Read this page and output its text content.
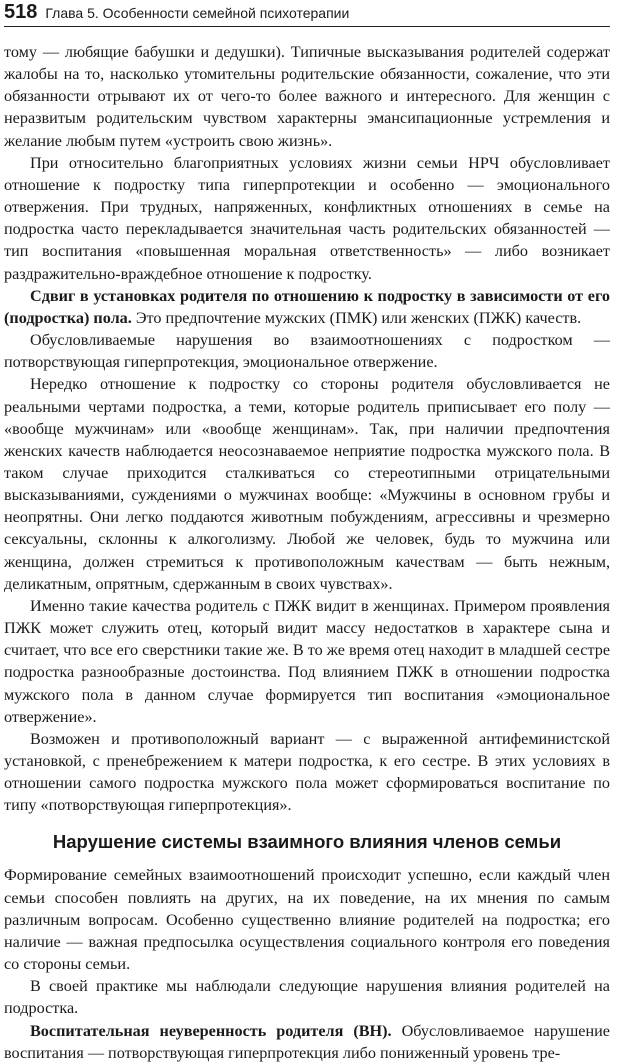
518 Глава 5. Особенности семейной психотерапии

тому — любящие бабушки и дедушки). Типичные высказывания родителей содержат жалобы на то, насколько утомительны родительские обязанности, сожаление, что эти обязанности отрывают их от чего-то более важного и интересного. Для женщин с неразвитым родительским чувством характерны эмансипационные устремления и желание любым путем «устроить свою жизнь».

При относительно благоприятных условиях жизни семьи НРЧ обусловливает отношение к подростку типа гиперпротекции и особенно — эмоционального отвержения. При трудных, напряженных, конфликтных отношениях в семье на подростка часто перекладывается значительная часть родительских обязанностей — тип воспитания «повышенная моральная ответственность» — либо возникает раздражительно-враждебное отношение к подростку.

Сдвиг в установках родителя по отношению к подростку в зависимости от его (подростка) пола. Это предпочтение мужских (ПМК) или женских (ПЖК) качеств.

Обусловливаемые нарушения во взаимоотношениях с подростком — потворствующая гиперпротекция, эмоциональное отвержение.

Нередко отношение к подростку со стороны родителя обусловливается не реальными чертами подростка, а теми, которые родитель приписывает его полу — «вообще мужчинам» или «вообще женщинам». Так, при наличии предпочтения женских качеств наблюдается неосознаваемое неприятие подростка мужского пола. В таком случае приходится сталкиваться со стереотипными отрицательными высказываниями, суждениями о мужчинах вообще: «Мужчины в основном грубы и неопрятны. Они легко поддаются животным побуждениям, агрессивны и чрезмерно сексуальны, склонны к алкоголизму. Любой же человек, будь то мужчина или женщина, должен стремиться к противоположным качествам — быть нежным, деликатным, опрятным, сдержанным в своих чувствах».

Именно такие качества родитель с ПЖК видит в женщинах. Примером проявления ПЖК может служить отец, который видит массу недостатков в характере сына и считает, что все его сверстники такие же. В то же время отец находит в младшей сестре подростка разнообразные достоинства. Под влиянием ПЖК в отношении подростка мужского пола в данном случае формируется тип воспитания «эмоциональное отвержение».

Возможен и противоположный вариант — с выраженной антифеминистской установкой, с пренебрежением к матери подростка, к его сестре. В этих условиях в отношении самого подростка мужского пола может сформироваться воспитание по типу «потворствующая гиперпротекция».

Нарушение системы взаимного влияния членов семьи

Формирование семейных взаимоотношений происходит успешно, если каждый член семьи способен повлиять на других, на их поведение, на их мнения по самым различным вопросам. Особенно существенно влияние родителей на подростка; его наличие — важная предпосылка осуществления социального контроля его поведения со стороны семьи.

В своей практике мы наблюдали следующие нарушения влияния родителей на подростка.

Воспитательная неуверенность родителя (ВН). Обусловливаемое нарушение воспитания — потворствующая гиперпротекция либо пониженный уровень тре-
